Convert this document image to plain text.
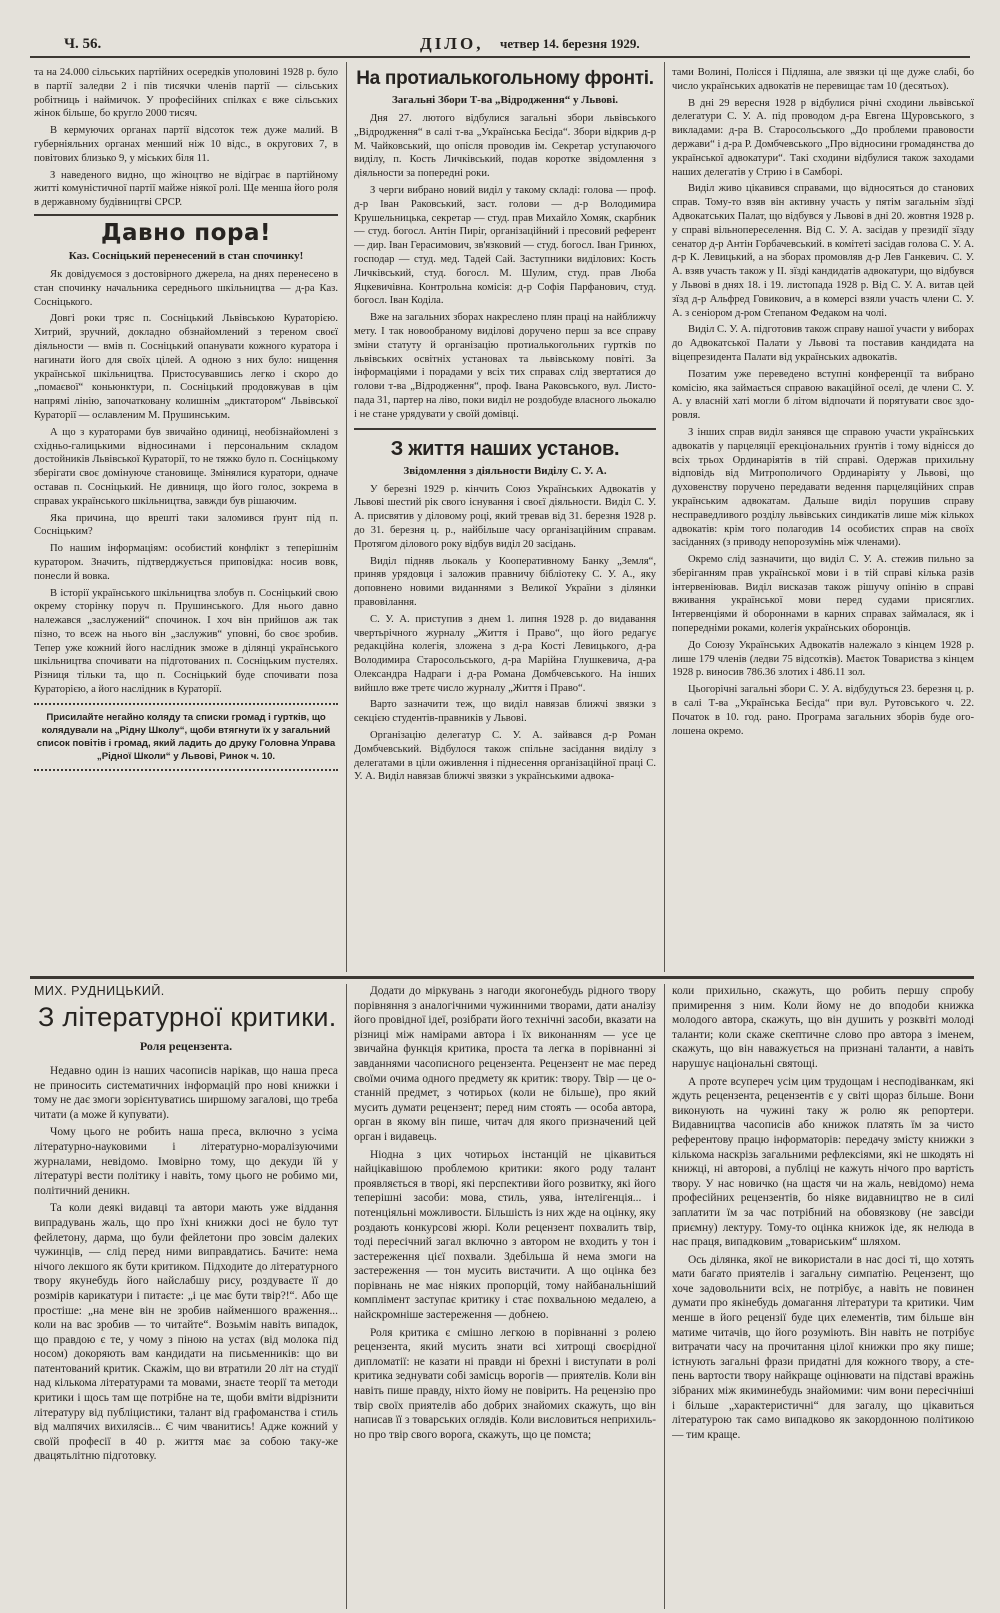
Ч. 56.	ДІЛО, четвер 14. березня 1929.

та на 24.000 сільських партійних осередків уполовині 1928 р. було в партії заледви 2 і пів тисячки членів партії — сільських робітниць і наймичок. У професійних спілках є вже сільських жінок більше, бо кругло 2000 тисяч.

В кермуючих органах партії відсоток теж дуже малий. В губерніяльних органах менший ніж 10 відс., в округових 7, в повітових близько 9, у міських біля 11.

З наведеного видно, що жіноцтво не відіграє в партійному житті комуністичної партії майже ніякої ролі. Ще менша його роля в державному будівництві СРСР.

Давно пора!
Каз. Сосніцький перенесений в стан спочинку!

Як довідуємося з достовірного джерела, на днях перенесено в стан спочинку начальника середнього шкільництва — д-ра Каз. Сосніцького.

Довгі роки тряс п. Сосніцький Львівською Кураторією. Хитрий, зручний, докладно обзнайомлений з тереном своєї діяльности — вмів п. Сосніцький опанувати кожного куратора і нагинати його для своїх цілей. А одною з них було: нищення української шкільництва. Пристосувавшись легко і скоро до „помаєвої“ коньюнктури, п. Сосніцький продовжував в цім напрямі лінію, започатковану колишнім „диктатором“ Львівської Кураторії — ославленим М. Прушинським.

А що з кураторами був звичайно одиниці, необізнайомлені з східньо-галицькими відносинами і персональним складом достойників Львівської Кураторії, то не тяжко було п. Сосніцькому зберігати своє домінуюче становище. Змінялися куратори, одначе оставав п. Сосніцький. Не дивниця, що його голос, зокрема в справах українського шкільництва, завжди був рішаючим.

Яка причина, що врешті таки заломився ґрунт під п. Сосніцьким?

По нашим інформаціям: особистий конфлікт з теперішнім куратором. Значить, підтверджується приповідка: носив вовк, понесли й вовка.

В історії українського шкільництва злобув п. Сосніцький свою окрему сторінку поруч п. Прушинського. Для нього давно належався „заслужений“ спочинок. І хоч він прийшов аж так пізно, то всеж на нього він „заслужив“ уповні, бо своє зробив. Тепер уже кожний його наслідник зможе в ділянці українського шкільництва спочивати на підготованих п. Сосніцьким пустелях. Різниця тільки та, що п. Сосніцький буде спочивати поза Кураторією, а його наслідник в Кураторії.

Присилайте негайно коляду та списки громад і гуртків, що колядували на „Рідну Школу“, щоби втягнути їх у загальний список повітів і громад, який ладить до друку Головна Управа „Рідної Школи“ у Львові, Ринок ч. 10.

На протиалькогольному фронті.
Загальні Збори Т-ва „Відродження“ у Львові.

Дня 27. лютого відбулися загальні збори львівського „Відродження“ в салі т-ва „Українська Бесіда“. Збори відкрив д-р М. Чайковський, що опісля проводив ім. Секретар уступаючого виділу, п. Кость Личківський, подав коротке звідомлення з діяльности за попередні роки.

З черги вибрано новий виділ у такому складі: голова — проф. д-р Іван Раковський, заст. голови — д-р Володимира Крушельницька, секретар — студ. прав Михайло Хомяк, скарбник — студ. богосл. Антін Пиріг, організаційний і пресовий референт — дир. Іван Герасимович, зв'язковий — студ. богосл. Іван Гринюх, господар — студ. мед. Тадей Сай. Заступники виділових: Кость Личківський, студ. богосл. М. Шулим, студ. прав Люба Яцкевичівна. Контрольна комісія: д-р Софія Парфанович, студ. богосл. Іван Коділа.

Вже на загальних зборах накреслено плян праці на найближчу мету. І так новообраному виділові доручено перш за все справу зміни статуту й організацію протиалькогольних гуртків по львівських освітніх установах та львівському повіті. За інформаціями і порадами у всіх тих справах слід звертатися до голови т-ва „Відродження“, проф. Івана Раковського, вул. Листопада 31, партер на ліво, поки виділ не роздобуде власного льокалю і не стане урядувати у своїй домівці.

З життя наших установ.
Звідомлення з діяльности Виділу С. У. А.

У березні 1929 р. кінчить Союз Українських Адвокатів у Львові шестий рік свого існування і своєї діяльности. Виділ С. У. А. присвятив у діловому році, який тревав від 31. березня 1928 р. до 31. березня ц. р., найбільше часу організаційним справам. Протягом ділового року відбув виділ 20 засідань.

Виділ підняв льокаль у Кооперативному Банку „Земля“, приняв урядовця і заложив правничу бібліотеку С. У. А., яку доповнено новими виданнями з Великої України з ділянки правовілання.

С. У. А. приступив з днем 1. липня 1928 р. до видавання чвертьрічного журналу „Життя і Право“, що його редагує редакційна колегія, зложена з д-ра Кості Левицького, д-ра Володимира Старосольського, д-ра Марійна Глушкевича, д-ра Олександра Надраги і д-ра Романа Домбчевського. На інших вийшло вже третє число журналу „Життя і Право“.

Варто зазначити теж, що виділ навязав ближчі звязки з секцією студентів-правників у Львові.

Організацію делегатур С. У. А. зайвався д-р Роман Домбчевський. Відбулося також спільне засідання виділу з делегатами в ціли оживлення і піднесення організаційної праці С. У. А. Виділ навязав ближчі звязки з українськими адвока-

тами Волині, Полісся і Підляша, але звязки ці ще дуже слабі, бо число українських адвокатів не перевищає там 10 (десятьох).

В дні 29 вересня 1928 р відбулися річні сходини львівської делегатури С. У. А. під проводом д-ра Евгена Щуровського, з викладами: д-ра В. Старосольського „До проблеми правовости держави“ і д-ра Р. Домбчевського „Про відносини громадянства до української адвокатури“. Такі сходини відбулися також заходами наших делегатів у Стрию і в Самборі.

Виділ живо цікавився справами, що відносяться до станових справ. Тому-то взяв він активну участь у пятім загальнім зїзді Адвокатських Палат, що відбувся у Львові в дні 20. жовтня 1928 р. у справі вільнопереселення. Від С. У. А. засідав у президії зїзду сенатор д-р Антін Горбачевський. в комітеті засідав голова С. У. А. д-р К. Левицький, а на зборах промовляв д-р Лев Ганкевич. С. У. А. взяв участь також у ІІ. зїзді кандидатів адвокатури, що відбувся у Львові в днях 18. і 19. листопада 1928 р. Від С. У. А. витав цей зїзд д-р Альфред Говикович, а в комерсі взяли участь члени С. У. А. з сеніором д-ром Степаном Федаком на чолі.

Виділ С. У. А. підготовив також справу нашої участи у виборах до Адвокатської Палати у Львові та поставив кандидата на віцепрезидента Палати від українських адвокатів.

Позатим уже переведено вступні конференції та вибрано комісію, яка займається справою вакаційної оселі, де члени С. У. А. у власній хаті могли б літом відпочати й порятувати своє здоровля.

З інших справ виділ занявся ще справою участи українських адвокатів у парцеляції ерекціональних ґрунтів і тому віднісся до всіх трьох Ординаріятів в тій справі. Одержав прихильну відповідь від Митрополичого Ординаріяту у Львові, що духовенству поручено передавати ведення парцеляційних справ українським адвокатам. Дальше виділ порушив справу несправедливого розділу львівських синдикатів лише між кількох адвокатів: крім того полагодив 14 особистих справ на своїх засіданнях (з приводу непорозумінь між членами).

Окремо слід зазначити, що виділ С. У. А. стежив пильно за зберіганням прав української мови і в тій справі кілька разів інтервеніював. Виділ висказав також рішучу опінію в справі вживання української мови перед судами присяглих. Інтервенціями й обороннами в карних справах займалася, як і попередніми роками, колегія українських оборонців.

До Союзу Українських Адвокатів належало з кінцем 1928 р. лише 179 членів (ледви 75 відсотків). Маєток Товариства з кінцем 1928 р. виносив 786.36 злотих і 486.11 зол.

Цьогорічні загальні збори С. У. А. відбудуться 23. березня ц. р. в салі Т-ва „Українська Бесіда“ при вул. Рутовського ч. 22. Початок в 10. год. рано. Програма загальних зборів буде оголошена окремо.

МИХ. РУДНИЦЬКИЙ.
З літературної критики.
Роля рецензента.

Недавно один із наших часописів нарікав, що наша преса не приносить систематичних інформацій про нові книжки і тому не дає змоги зорієнтуватись ширшому загалові, що треба читати (а може й купувати).

Чому цього не робить наша преса, включно з усіма літературно-науковими і літературно-моралізуючими журналами, невідомо. Імовірно тому, що декуди їй у літературі вести політику і навіть, тому цього не робимо ми, політичний деникн.

Та коли деякі видавці та автори мають уже віддання випрадувань жаль, що про їхні книжки досі не було тут фейлетону, дарма, що були фейлетони про зовсім далеких чужинців, — слід перед ними виправдатись. Бачите: нема нічого лекшого як бути критиком. Підходите до літературного твору якунебудь його найслабшу рису, роздуваєте її до розмірів карикатури і питаєте: „і це має бути твір?!“. Або ще простіше: „на мене він не зробив найменшого враження... коли на вас зробив — то читайте“. Возьмім навіть випадок, що правдою є те, у чому з піною на устах (від молока під носом) докоряють вам кандидати на письменників: що ви патентований критик. Скажім, що ви втратили 20 літ на студії над кількома літературами та мовами, знаєте теорії та методи критики і щось там ще потрібне на те, щоби вміти відрізнити літературу від публіцистики, талант від графоманства і стиль від малпячих вихилясів... Є чим чванитись! Адже кожний у своїй професії в 40 р. життя має за собою таку-же двацятьлітню підготовку.

Додати до міркувань з нагоди якогонебудь рідного твору порівняння з аналогічними чужинними творами, дати аналізу його провідної ідеї, розібрати його технічні засоби, вказати на різниці між намірами автора і їх виконанням — усе це звичайна функція критика, проста та легка в порівнанні зі завданнями часописного рецензента. Рецензент не має перед своїми очима одного предмету як критик: твору. Твір — це останній предмет, з чотирьох (коли не більше), про який мусить думати рецензент; перед ним стоять — особа автора, орган в якому він пише, читач для якого призначений цей орган і видавець.

Ніодна з цих чотирьох інстанцій не цікавиться найцікавішою проблемою критики: якого роду талант проявляється в творі, які перспективи його розвитку, які його теперішні засоби: мова, стиль, уява, інтелігенція... і потенціяльні можливости. Більшість із них жде на оцінку, яку роздають конкурсові жюрі. Коли рецензент похвалить твір, тоді пересічний загал включно з автором не входить у тон і застереження цієї похвали. Здебільша й нема змоги на застереження — тон мусить вистачити. А що оцінка без порівнань не має ніяких пропорцій, тому найбанальніший комплімент заступає критику і стає похвальною медалею, а найскромніше застереження — добнею.

Роля критика є смішно легкою в порівнанні з ролею рецензента, який мусить знати всі хитрощі своєрідної дипломатії: не казати ні правди ні брехні і виступати в ролі критика зеднувати собі замісць ворогів — приятелів. Коли він навіть пише правду, ніхто йому не повірить. На рецензію про твір своїх приятелів або добрих знайомих скажуть, що він написав її з товарських оглядів. Коли висловиться неприхильно про твір свого ворога, скажуть, що це помста;

коли прихильно, скажуть, що робить першу спробу примирення з ним. Коли йому не до вподоби книжка молодого автора, скажуть, що він душить у розквіті молоді таланти; коли скаже скептичне слово про автора з іменем, скажуть, що він наважується на признані таланти, а навіть нарушує національні святощі.

А проте всупереч усім цим трудощам і несподіванкам, які ждуть рецензента, рецензентів є у світі щораз більше. Вони виконують на чужині таку ж ролю як репортери. Видавництва часописів або книжок платять їм за чисто референтову працю інформаторів: передачу змісту книжки з кількома наскрізь загальними рефлексіями, які не шкодять ні книжці, ні авторові, а публіці не кажуть нічого про вартість твору. У нас новичко (на щастя чи на жаль, невідомо) нема професійних рецензентів, бо ніяке видавництво не в силі заплатити їм за час потрібний на обовязкову (не завсіди приємну) лектуру. Тому-то оцінка книжок іде, як нелюда в нас праця, випадковим „товариським“ шляхом.

Ось ділянка, якої не використали в нас досі ті, що хотять мати багато приятелів і загальну симпатію. Рецензент, що хоче задовольнити всіх, не потрібує, а навіть не повинен думати про якінебудь домагання літератури та критики. Чим менше в його рецензії буде цих елементів, тим більше він матиме читачів, що його розуміють. Він навіть не потрібує витрачати часу на прочитання цілої книжки про яку пише; істнують загальні фрази придатні для кожного твору, а степень вартости твору найкраще оцінювати на підставі вражінь зібраних між якиминебудь знайомими: чим вони пересічніші і більше „характеристичні“ для загалу, що цікавиться літературою так само випадково як закордонною політикою — тим краще.
